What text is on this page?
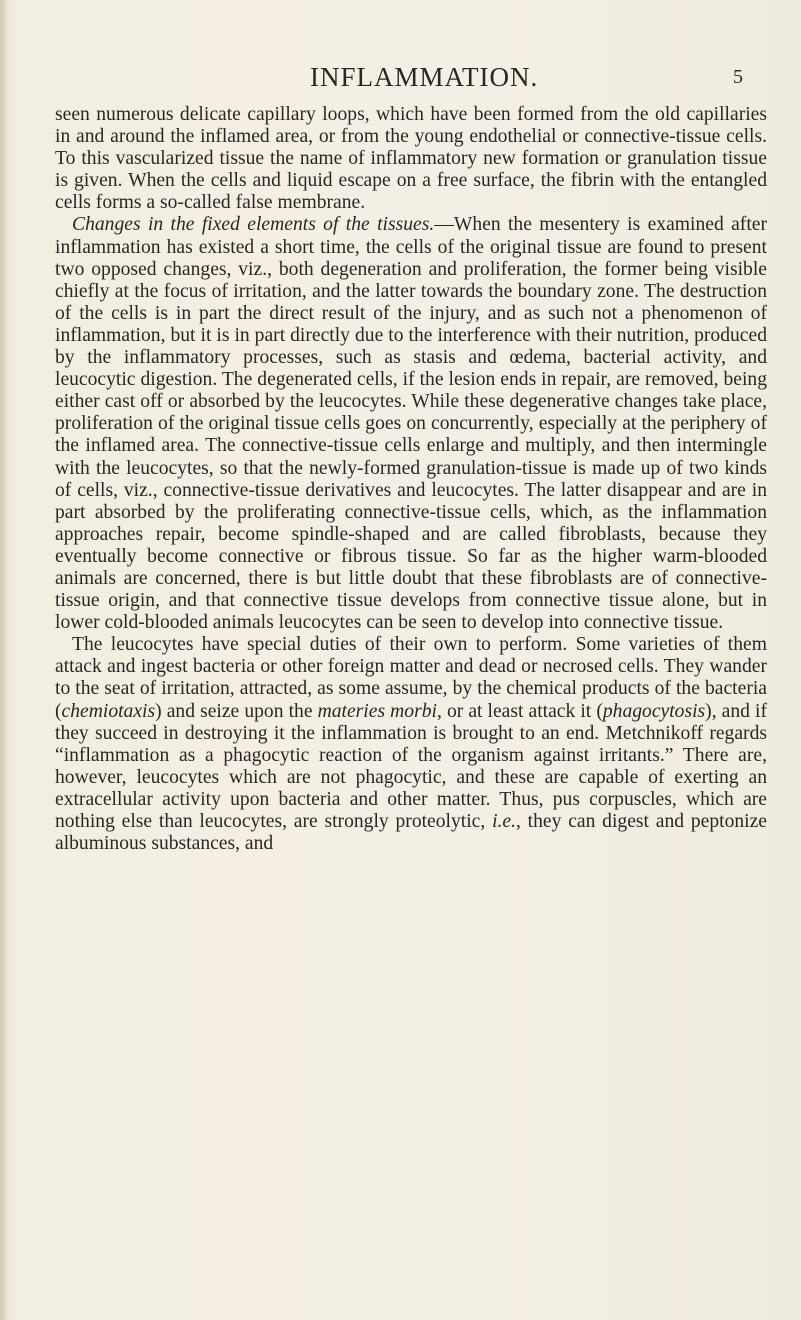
INFLAMMATION.	5

seen numerous delicate capillary loops, which have been formed from the old capillaries in and around the inflamed area, or from the young endothelial or connective-tissue cells. To this vascularized tissue the name of inflammatory new formation or granulation tissue is given. When the cells and liquid escape on a free surface, the fibrin with the entangled cells forms a so-called false membrane.

Changes in the fixed elements of the tissues.—When the mesentery is examined after inflammation has existed a short time, the cells of the original tissue are found to present two opposed changes, viz., both degeneration and proliferation, the former being visible chiefly at the focus of irritation, and the latter towards the boundary zone. The destruction of the cells is in part the direct result of the injury, and as such not a phenomenon of inflammation, but it is in part directly due to the interference with their nutrition, produced by the inflammatory processes, such as stasis and œdema, bacterial activity, and leucocytic digestion. The degenerated cells, if the lesion ends in repair, are removed, being either cast off or absorbed by the leucocytes. While these degenerative changes take place, proliferation of the original tissue cells goes on concurrently, especially at the periphery of the inflamed area. The connective-tissue cells enlarge and multiply, and then intermingle with the leucocytes, so that the newly-formed granulation-tissue is made up of two kinds of cells, viz., connective-tissue derivatives and leucocytes. The latter disappear and are in part absorbed by the proliferating connective-tissue cells, which, as the inflammation approaches repair, become spindle-shaped and are called fibroblasts, because they eventually become connective or fibrous tissue. So far as the higher warm-blooded animals are concerned, there is but little doubt that these fibroblasts are of connective-tissue origin, and that connective tissue develops from connective tissue alone, but in lower cold-blooded animals leucocytes can be seen to develop into connective tissue.

The leucocytes have special duties of their own to perform. Some varieties of them attack and ingest bacteria or other foreign matter and dead or necrosed cells. They wander to the seat of irritation, attracted, as some assume, by the chemical products of the bacteria (chemiotaxis) and seize upon the materies morbi, or at least attack it (phagocytosis), and if they succeed in destroying it the inflammation is brought to an end. Metchnikoff regards “inflammation as a phagocytic reaction of the organism against irritants.” There are, however, leucocytes which are not phagocytic, and these are capable of exerting an extracellular activity upon bacteria and other matter. Thus, pus corpuscles, which are nothing else than leucocytes, are strongly proteolytic, i.e., they can digest and peptonize albuminous substances, and
